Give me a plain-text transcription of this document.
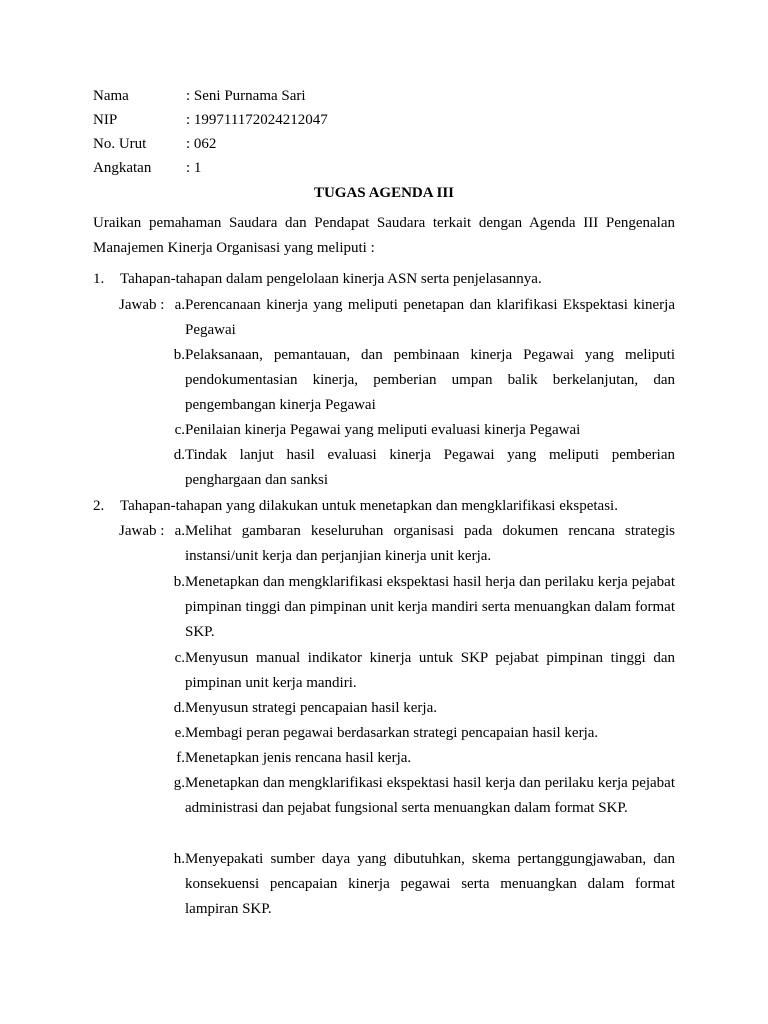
Nama	: Seni Purnama Sari
NIP	: 199711172024212047
No. Urut	: 062
Angkatan : 1
TUGAS AGENDA III
Uraikan pemahaman Saudara dan Pendapat Saudara terkait dengan Agenda III Pengenalan Manajemen Kinerja Organisasi yang meliputi :
1. Tahapan-tahapan dalam pengelolaan kinerja ASN serta penjelasannya.
Jawab : a. Perencanaan kinerja yang meliputi penetapan dan klarifikasi Ekspektasi kinerja Pegawai
b. Pelaksanaan, pemantauan, dan pembinaan kinerja Pegawai yang meliputi pendokumentasian kinerja, pemberian umpan balik berkelanjutan, dan pengembangan kinerja Pegawai
c. Penilaian kinerja Pegawai yang meliputi evaluasi kinerja Pegawai
d. Tindak lanjut hasil evaluasi kinerja Pegawai yang meliputi pemberian penghargaan dan sanksi
2. Tahapan-tahapan yang dilakukan untuk menetapkan dan mengklarifikasi ekspetasi.
Jawab : a. Melihat gambaran keseluruhan organisasi pada dokumen rencana strategis instansi/unit kerja dan perjanjian kinerja unit kerja.
b. Menetapkan dan mengklarifikasi ekspektasi hasil herja dan perilaku kerja pejabat pimpinan tinggi dan pimpinan unit kerja mandiri serta menuangkan dalam format SKP.
c. Menyusun manual indikator kinerja untuk SKP pejabat pimpinan tinggi dan pimpinan unit kerja mandiri.
d. Menyusun strategi pencapaian hasil kerja.
e. Membagi peran pegawai berdasarkan strategi pencapaian hasil kerja.
f. Menetapkan jenis rencana hasil kerja.
g. Menetapkan dan mengklarifikasi ekspektasi hasil kerja dan perilaku kerja pejabat administrasi dan pejabat fungsional serta menuangkan dalam format SKP.
h. Menyepakati sumber daya yang dibutuhkan, skema pertanggungjawaban, dan konsekuensi pencapaian kinerja pegawai serta menuangkan dalam format lampiran SKP.
